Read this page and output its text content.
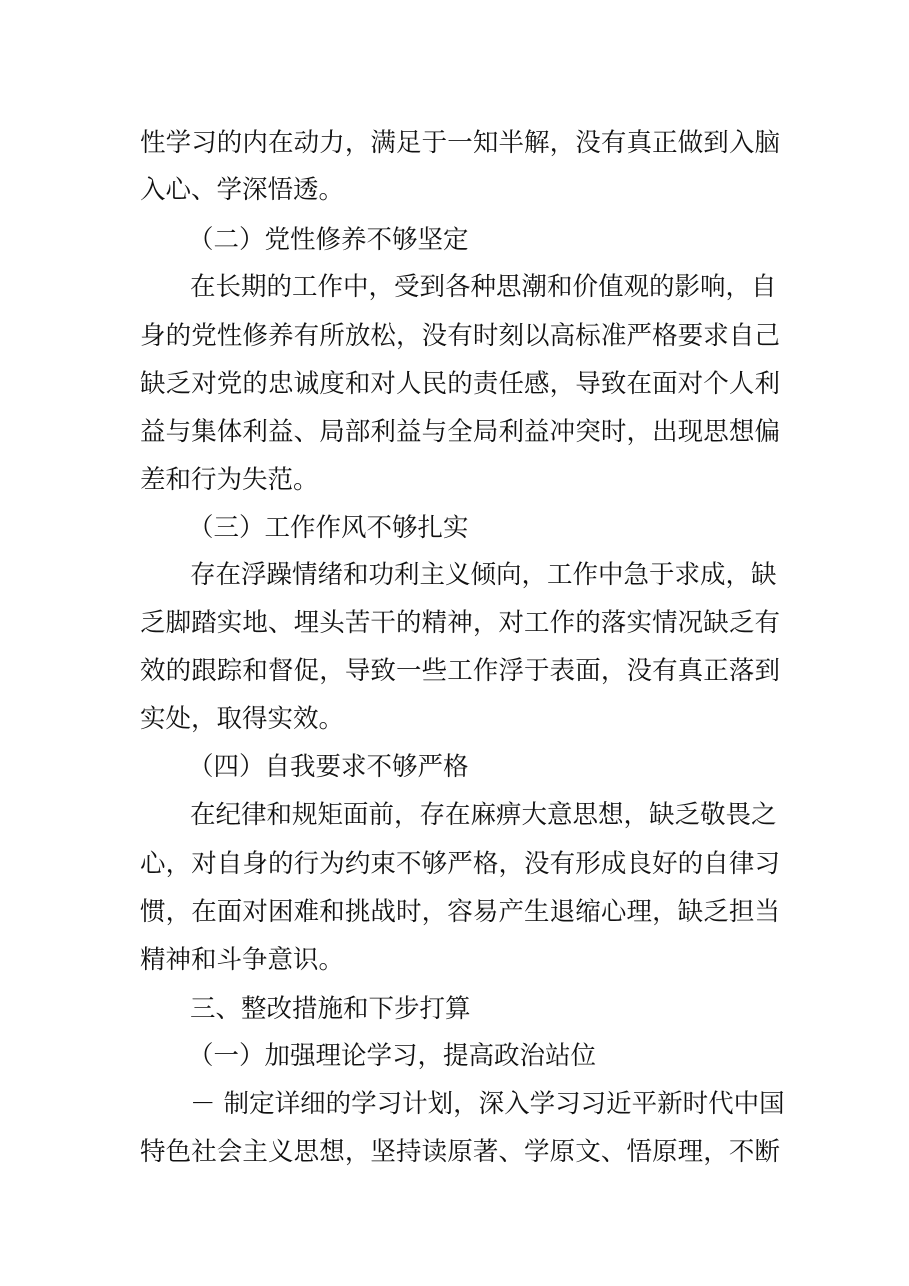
性学习的内在动力，满足于一知半解，没有真正做到入脑
入心、学深悟透。
（二）党性修养不够坚定
在长期的工作中，受到各种思潮和价值观的影响，自
身的党性修养有所放松，没有时刻以高标准严格要求自己
缺乏对党的忠诚度和对人民的责任感，导致在面对个人利
益与集体利益、局部利益与全局利益冲突时，出现思想偏
差和行为失范。
（三）工作作风不够扎实
存在浮躁情绪和功利主义倾向，工作中急于求成，缺
乏脚踏实地、埋头苦干的精神，对工作的落实情况缺乏有
效的跟踪和督促，导致一些工作浮于表面，没有真正落到
实处，取得实效。
（四）自我要求不够严格
在纪律和规矩面前，存在麻痹大意思想，缺乏敬畏之
心，对自身的行为约束不够严格，没有形成良好的自律习
惯，在面对困难和挑战时，容易产生退缩心理，缺乏担当
精神和斗争意识。
三、整改措施和下步打算
（一）加强理论学习，提高政治站位
－ 制定详细的学习计划，深入学习习近平新时代中国
特色社会主义思想，坚持读原著、学原文、悟原理，不断
